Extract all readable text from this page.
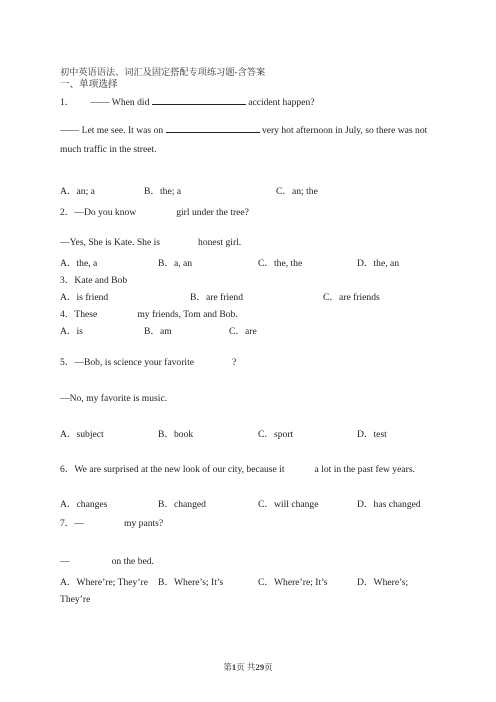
初中英语语法、词汇及固定搭配专项练习题-含答案
一、单项选择
1． —— When did	accident happen?
—— Let me see. It was on	very hot afternoon in July, so there was not
much traffic in the street.
A．an; a	B．the; a	C．an; the
2．—Do you know	girl under the tree?
—Yes, She is Kate. She is	honest girl.
A．the, a	B．a, an	C．the, the	D．the, an
3．Kate and Bob
A．is friend	B．are friend	C．are friends
4．These	my friends, Tom and Bob.
A．is	B．am	C．are
5．—Bob, is science your favorite	?
—No, my favorite is music.
A．subject	B．book	C．sport	D．test
6．We are surprised at the new look of our city, because it	a lot in the past few years.
A．changes	B．changed	C．will change	D．has changed
7．—	my pants?
—	on the bed.
A．Where’re; They’re B．Where’s; It’s	C．Where’re; It’s	D．Where’s;
They’re
第1页 共29页
